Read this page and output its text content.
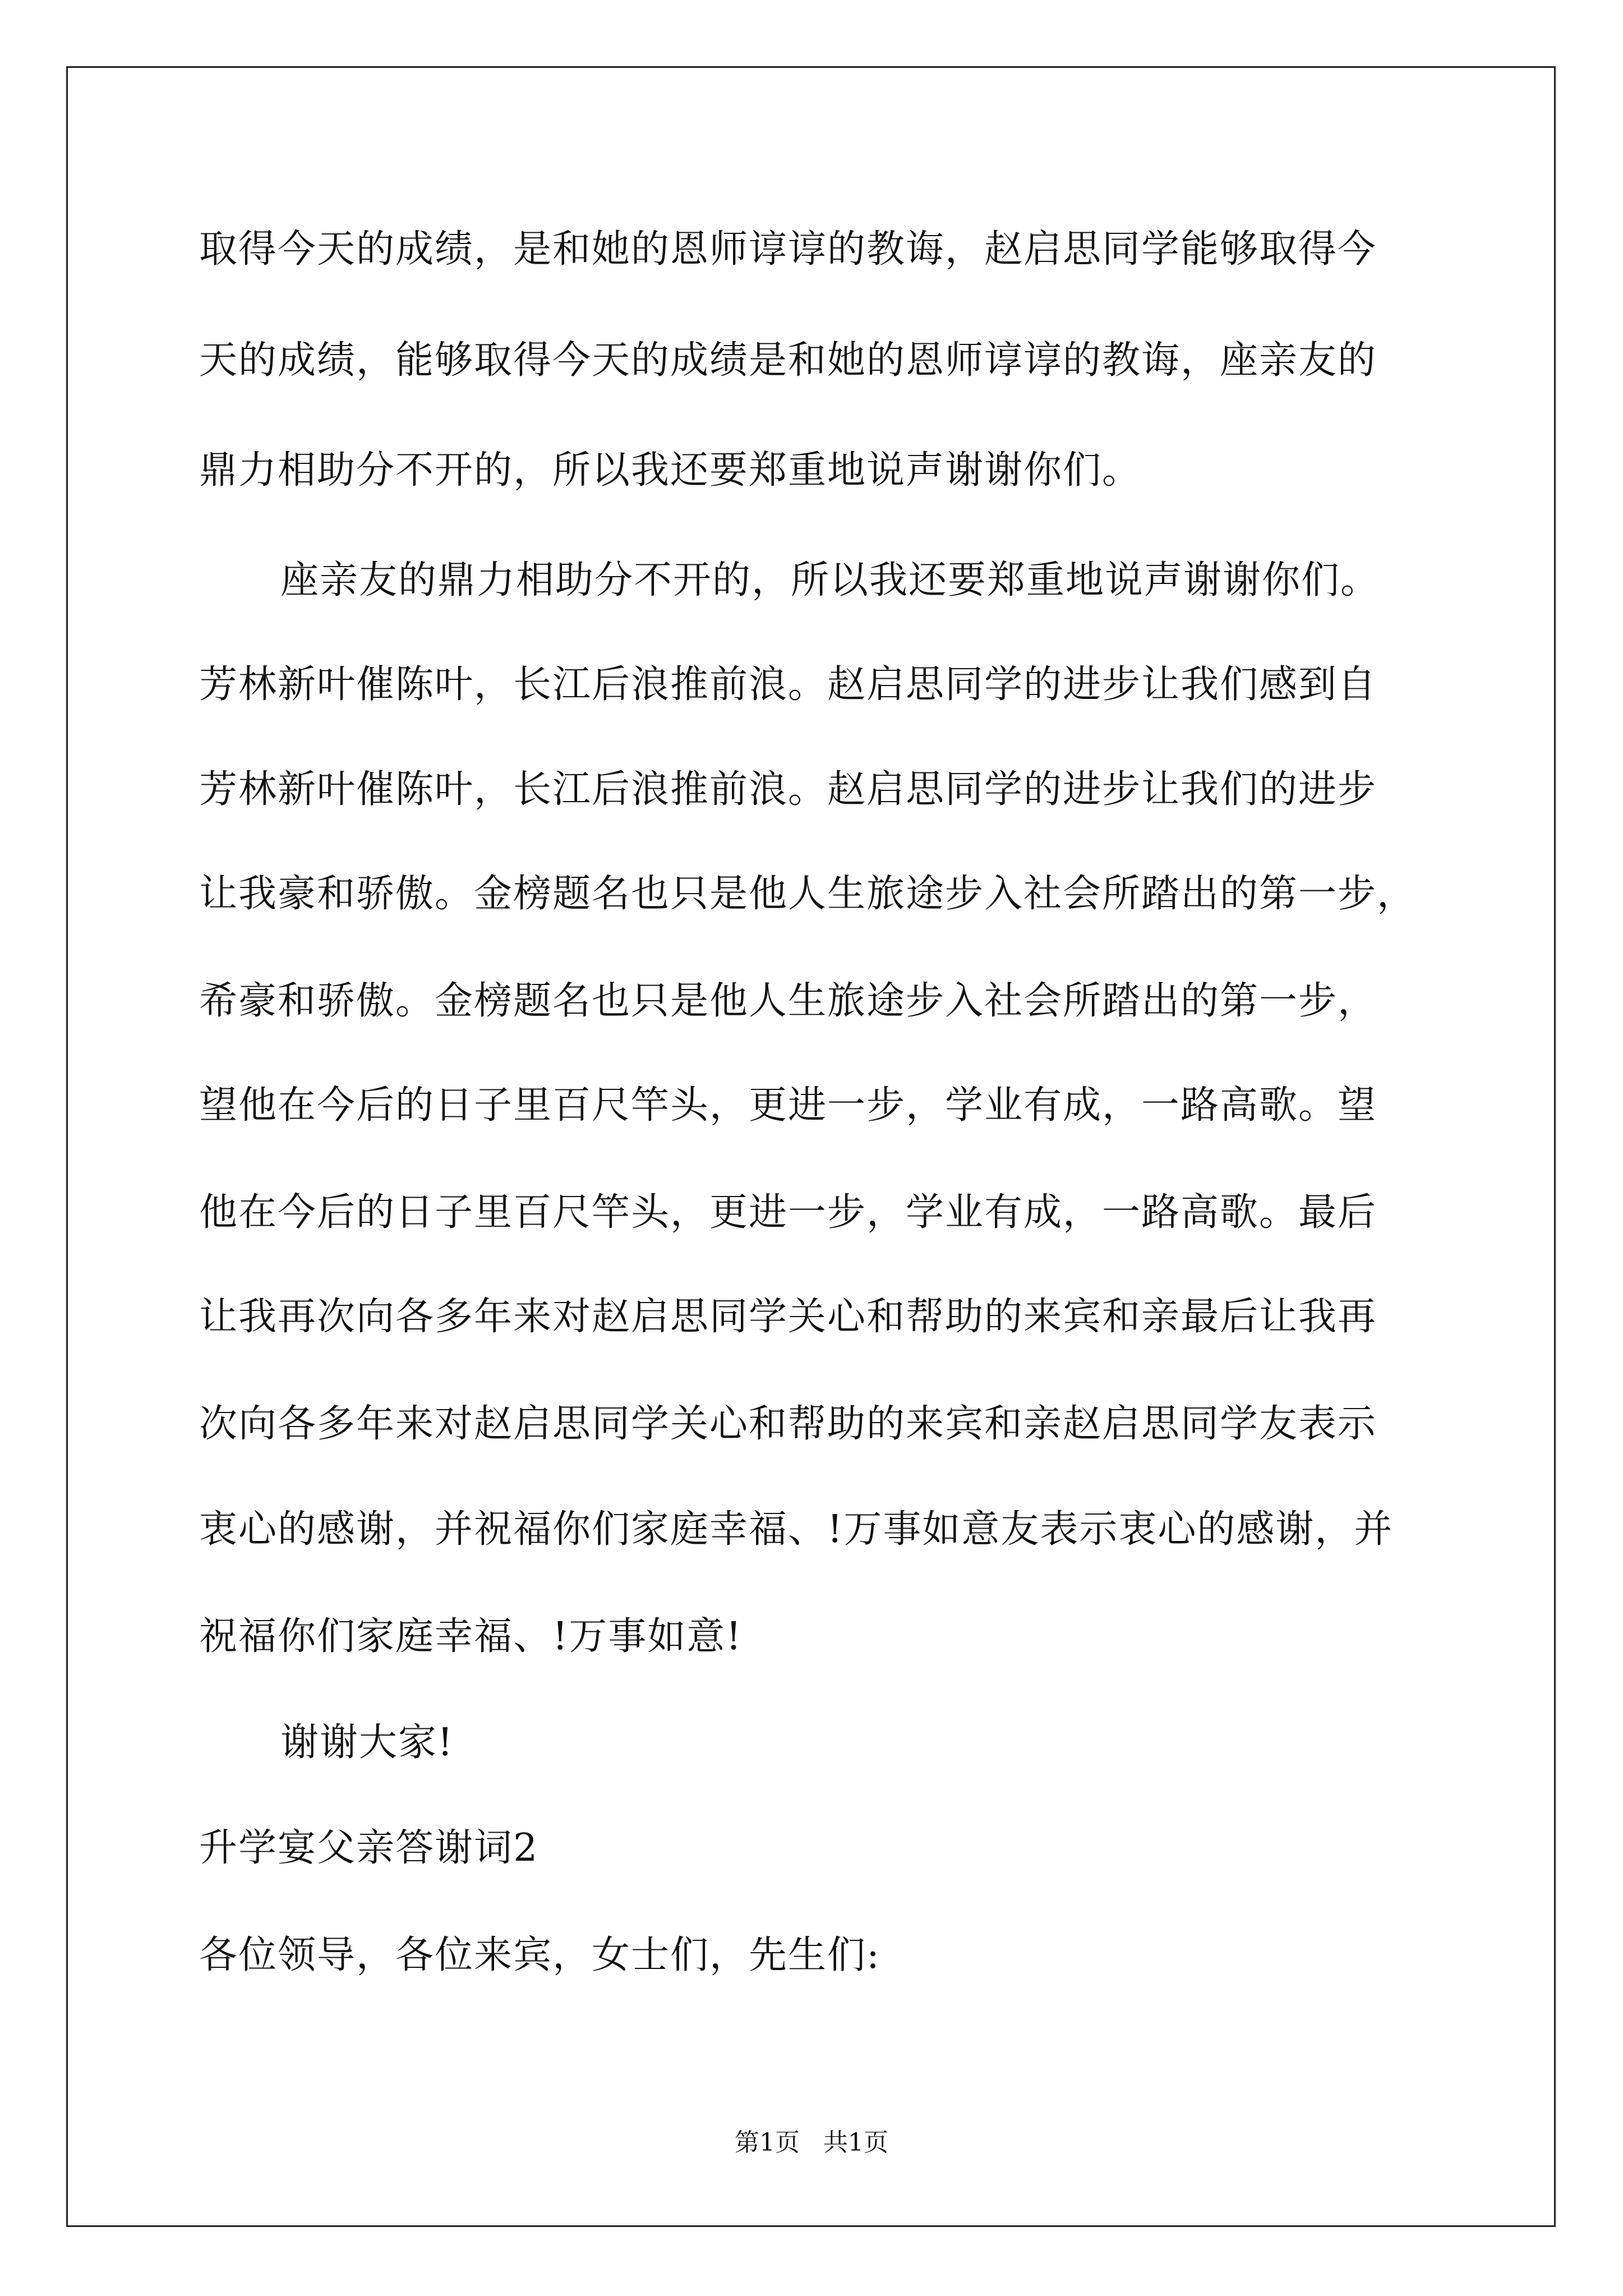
取得今天的成绩，是和她的恩师谆谆的教诲，赵启思同学能够取得今
天的成绩，能够取得今天的成绩是和她的恩师谆谆的教诲，座亲友的
鼎力相助分不开的，所以我还要郑重地说声谢谢你们。
座亲友的鼎力相助分不开的，所以我还要郑重地说声谢谢你们。
芳林新叶催陈叶，长江后浪推前浪。赵启思同学的进步让我们感到自
芳林新叶催陈叶，长江后浪推前浪。赵启思同学的进步让我们的进步
让我豪和骄傲。金榜题名也只是他人生旅途步入社会所踏出的第一步，
希豪和骄傲。金榜题名也只是他人生旅途步入社会所踏出的第一步，
望他在今后的日子里百尺竿头，更进一步，学业有成，一路高歌。望
他在今后的日子里百尺竿头，更进一步，学业有成，一路高歌。最后
让我再次向各多年来对赵启思同学关心和帮助的来宾和亲最后让我再
次向各多年来对赵启思同学关心和帮助的来宾和亲赵启思同学友表示
衷心的感谢，并祝福你们家庭幸福、!万事如意友表示衷心的感谢，并
祝福你们家庭幸福、!万事如意!
谢谢大家!
升学宴父亲答谢词2
各位领导，各位来宾，女士们，先生们:
第1页   共1页
